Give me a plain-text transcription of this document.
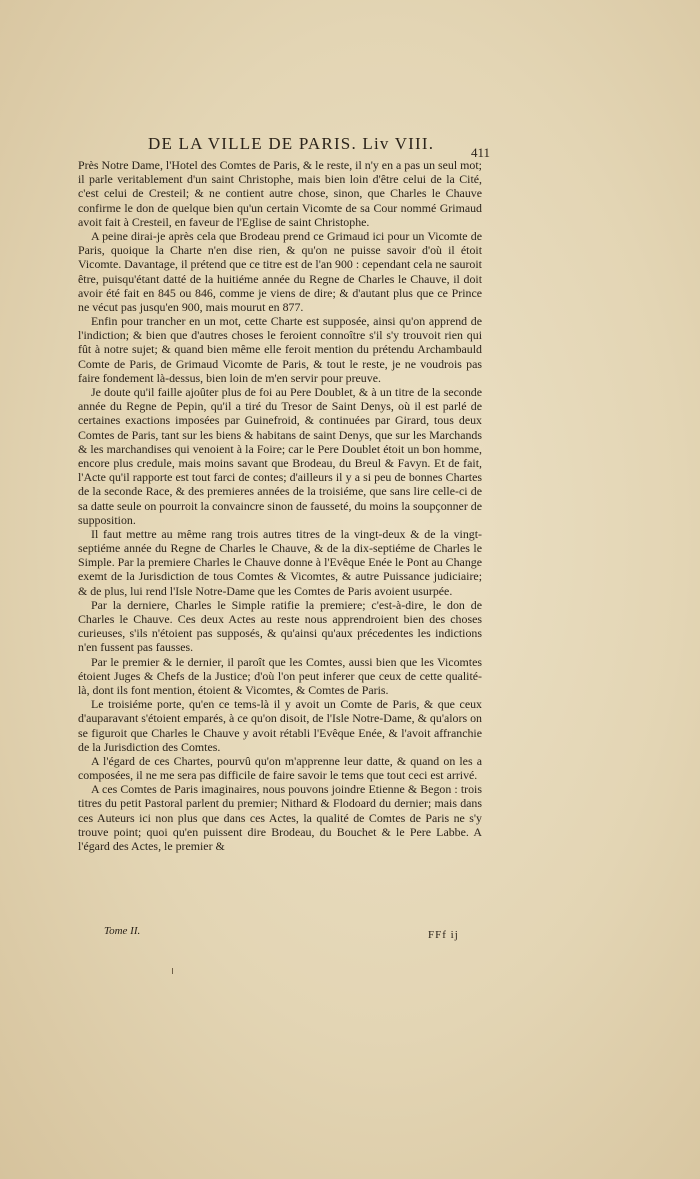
DE LA VILLE DE PARIS. Liv VIII.	411

Près Notre Dame, l'Hotel des Comtes de Paris, & le reste, il n'y en a pas un seul mot; il parle veritablement d'un saint Christophe, mais bien loin d'être celui de la Cité, c'est celui de Cresteil; & ne contient autre chose, sinon, que Charles le Chauve confirme le don de quelque bien qu'un certain Vicomte de sa Cour nommé Grimaud avoit fait à Cresteil, en faveur de l'Eglise de saint Christophe.

A peine dirai-je après cela que Brodeau prend ce Grimaud ici pour un Vicomte de Paris, quoique la Charte n'en dise rien, & qu'on ne puisse savoir d'où il étoit Vicomte. Davantage, il prétend que ce titre est de l'an 900 : cependant cela ne sauroit être, puisqu'étant datté de la huitiéme année du Regne de Charles le Chauve, il doit avoir été fait en 845 ou 846, comme je viens de dire; & d'autant plus que ce Prince ne vécut pas jusqu'en 900, mais mourut en 877.

Enfin pour trancher en un mot, cette Charte est supposée, ainsi qu'on apprend de l'indiction; & bien que d'autres choses le feroient connoître s'il s'y trouvoit rien qui fût à notre sujet; & quand bien même elle feroit mention du prétendu Archambauld Comte de Paris, de Grimaud Vicomte de Paris, & tout le reste, je ne voudrois pas faire fondement là-dessus, bien loin de m'en servir pour preuve.

Je doute qu'il faille ajoûter plus de foi au Pere Doublet, & à un titre de la seconde année du Regne de Pepin, qu'il a tiré du Tresor de Saint Denys, où il est parlé de certaines exactions imposées par Guinefroid, & continuées par Girard, tous deux Comtes de Paris, tant sur les biens & habitans de saint Denys, que sur les Marchands & les marchandises qui venoient à la Foire; car le Pere Doublet étoit un bon homme, encore plus credule, mais moins savant que Brodeau, du Breul & Favyn. Et de fait, l'Acte qu'il rapporte est tout farci de contes; d'ailleurs il y a si peu de bonnes Chartes de la seconde Race, & des premieres années de la troisiéme, que sans lire celle-ci de sa datte seule on pourroit la convaincre sinon de fausseté, du moins la soupçonner de supposition.

Il faut mettre au même rang trois autres titres de la vingt-deux & de la vingt-septiéme année du Regne de Charles le Chauve, & de la dix-septiéme de Charles le Simple. Par la premiere Charles le Chauve donne à l'Evêque Enée le Pont au Change exemt de la Jurisdiction de tous Comtes & Vicomtes, & autre Puissance judiciaire; & de plus, lui rend l'Isle Notre-Dame que les Comtes de Paris avoient usurpée.

Par la derniere, Charles le Simple ratifie la premiere; c'est-à-dire, le don de Charles le Chauve. Ces deux Actes au reste nous apprendroient bien des choses curieuses, s'ils n'étoient pas supposés, & qu'ainsi qu'aux précedentes les indictions n'en fussent pas fausses.

Par le premier & le dernier, il paroît que les Comtes, aussi bien que les Vicomtes étoient Juges & Chefs de la Justice; d'où l'on peut inferer que ceux de cette qualité-là, dont ils font mention, étoient & Vicomtes, & Comtes de Paris.

Le troisiéme porte, qu'en ce tems-là il y avoit un Comte de Paris, & que ceux d'auparavant s'étoient emparés, à ce qu'on disoit, de l'Isle Notre-Dame, & qu'alors on se figuroit que Charles le Chauve y avoit rétabli l'Evêque Enée, & l'avoit affranchie de la Jurisdiction des Comtes.

A l'égard de ces Chartes, pourvû qu'on m'apprenne leur datte, & quand on les a composées, il ne me sera pas difficile de faire savoir le tems que tout ceci est arrivé.

A ces Comtes de Paris imaginaires, nous pouvons joindre Etienne & Begon : trois titres du petit Pastoral parlent du premier; Nithard & Flodoard du dernier; mais dans ces Auteurs ici non plus que dans ces Actes, la qualité de Comtes de Paris ne s'y trouve point; quoi qu'en puissent dire Brodeau, du Bouchet & le Pere Labbe. A l'égard des Actes, le premier &

Tome II.	FFf ij
